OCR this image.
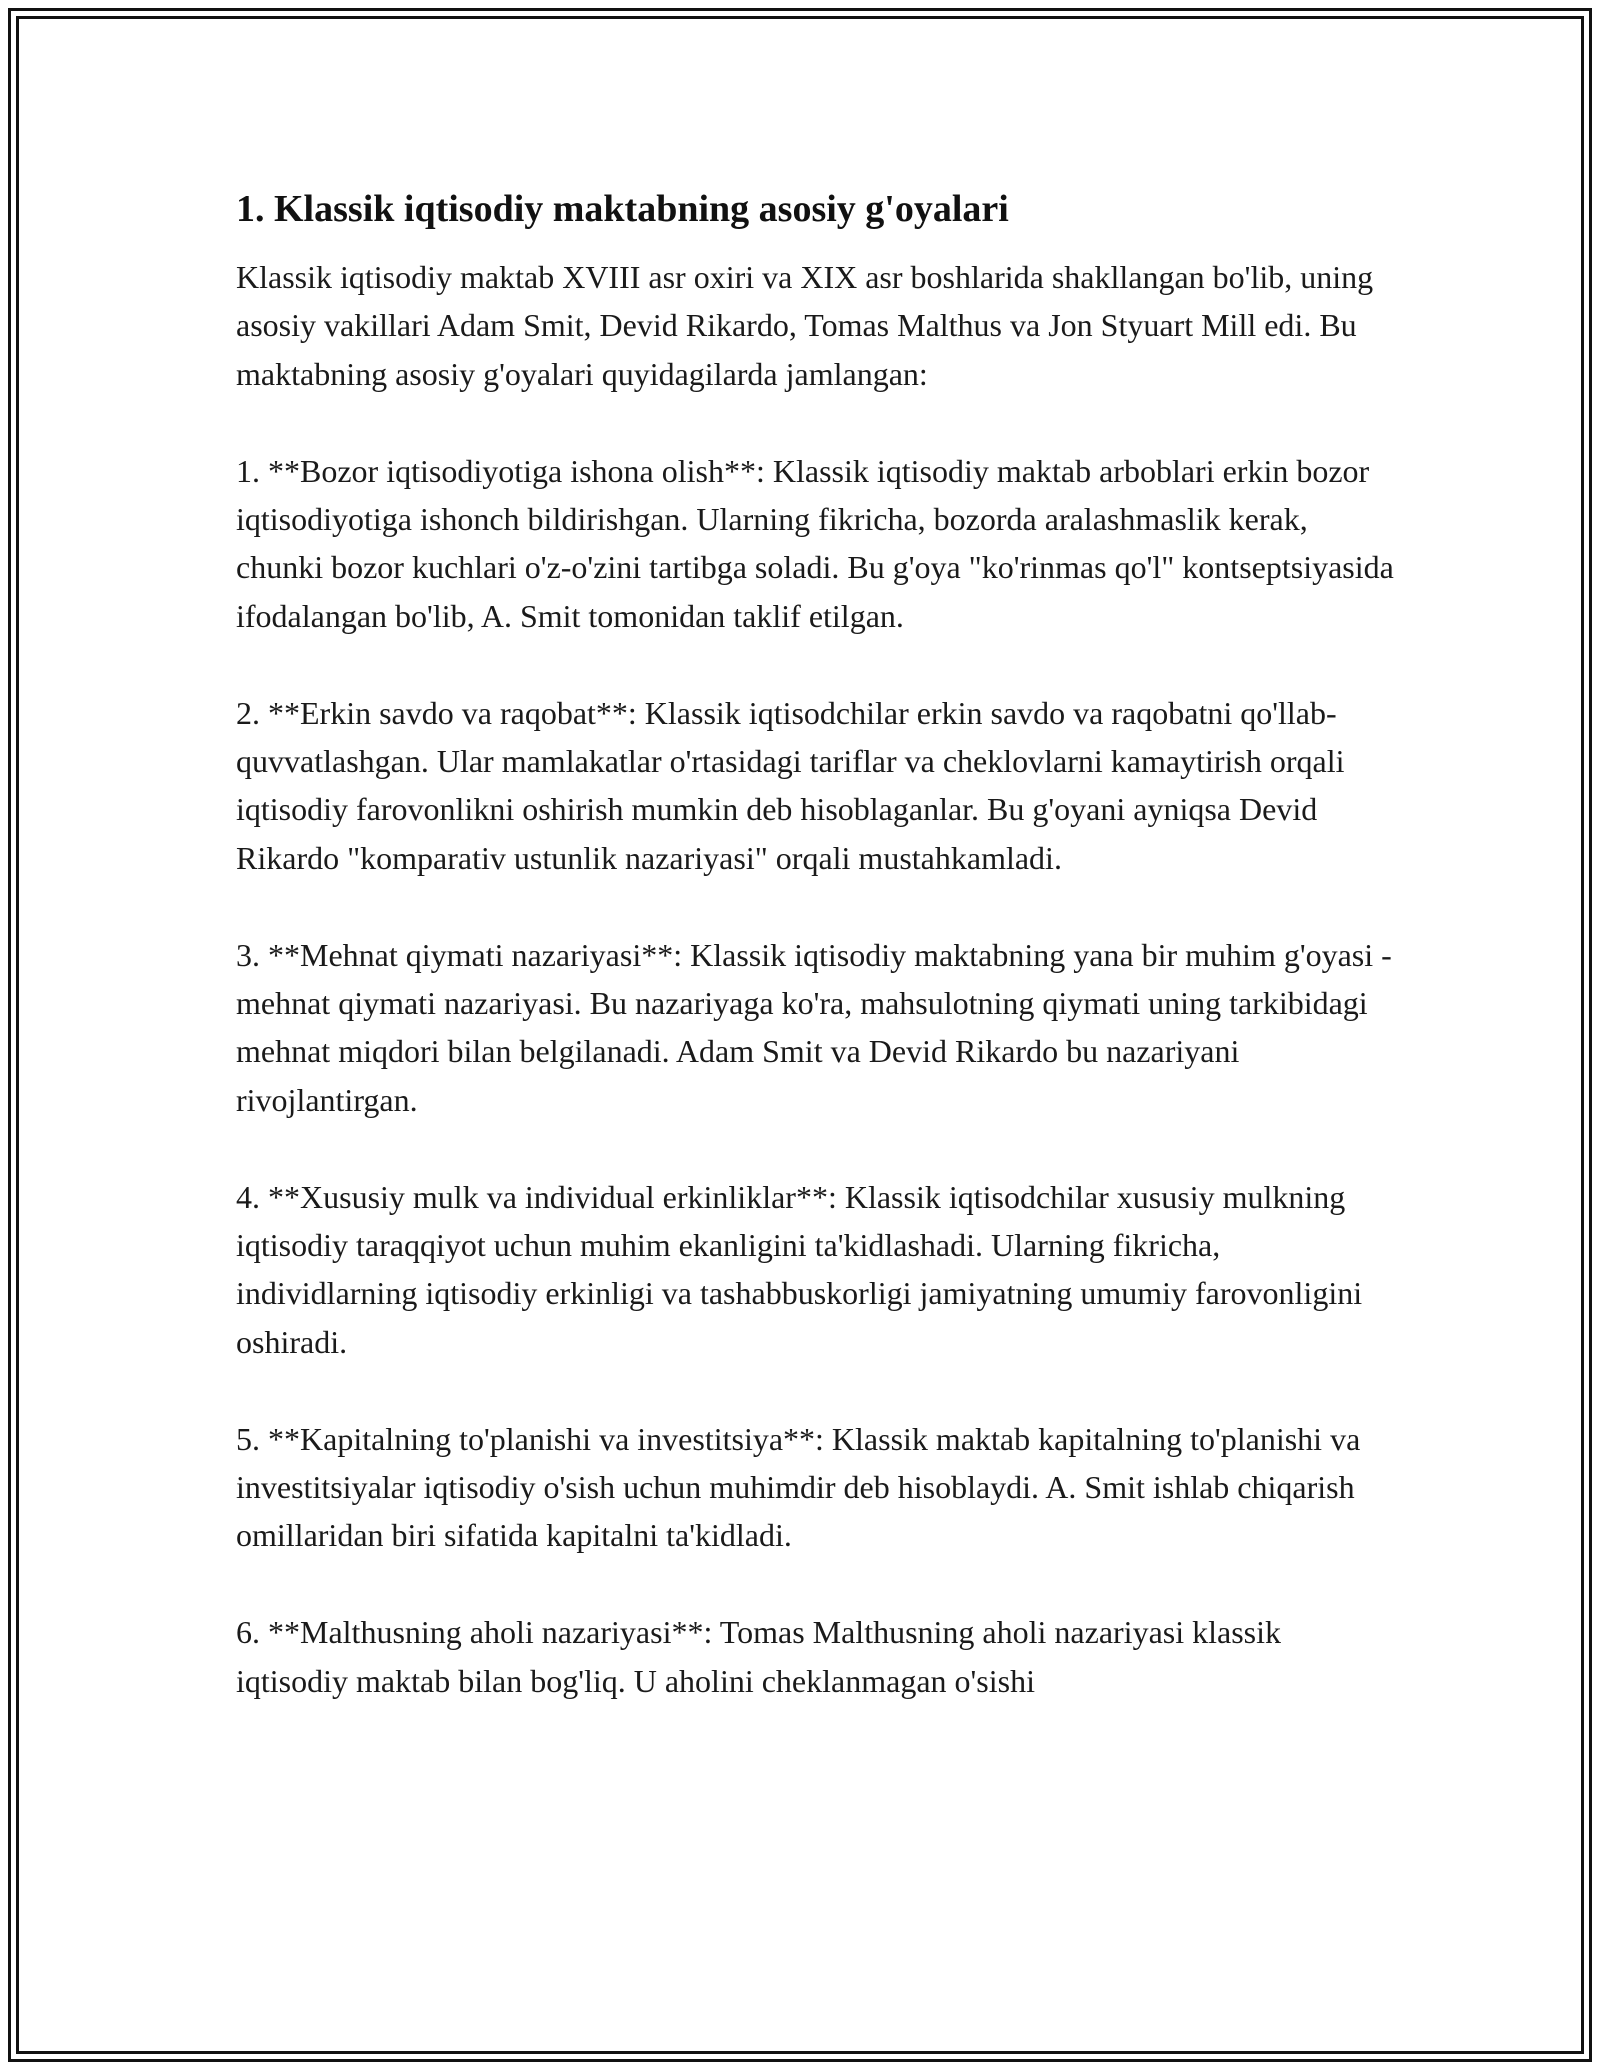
1. Klassik iqtisodiy maktabning asosiy g'oyalari

Klassik iqtisodiy maktab XVIII asr oxiri va XIX asr boshlarida shakllangan bo'lib, uning asosiy vakillari Adam Smit, Devid Rikardo, Tomas Malthus va Jon Styuart Mill edi. Bu maktabning asosiy g'oyalari quyidagilarda jamlangan:

1. **Bozor iqtisodiyotiga ishona olish**: Klassik iqtisodiy maktab arboblari erkin bozor iqtisodiyotiga ishonch bildirishgan. Ularning fikricha, bozorda aralashmaslik kerak, chunki bozor kuchlari o'z-o'zini tartibga soladi. Bu g'oya "ko'rinmas qo'l" kontseptsiyasida ifodalangan bo'lib, A. Smit tomonidan taklif etilgan.

2. **Erkin savdo va raqobat**: Klassik iqtisodchilar erkin savdo va raqobatni qo'llab-quvvatlashgan. Ular mamlakatlar o'rtasidagi tariflar va cheklovlarni kamaytirish orqali iqtisodiy farovonlikni oshirish mumkin deb hisoblaganlar. Bu g'oyani ayniqsa Devid Rikardo "komparativ ustunlik nazariyasi" orqali mustahkamladi.

3. **Mehnat qiymati nazariyasi**: Klassik iqtisodiy maktabning yana bir muhim g'oyasi - mehnat qiymati nazariyasi. Bu nazariyaga ko'ra, mahsulotning qiymati uning tarkibidagi mehnat miqdori bilan belgilanadi. Adam Smit va Devid Rikardo bu nazariyani rivojlantirgan.

4. **Xususiy mulk va individual erkinliklar**: Klassik iqtisodchilar xususiy mulkning iqtisodiy taraqqiyot uchun muhim ekanligini ta'kidlashadi. Ularning fikricha, individlarning iqtisodiy erkinligi va tashabbuskorligi jamiyatning umumiy farovonligini oshiradi.

5. **Kapitalning to'planishi va investitsiya**: Klassik maktab kapitalning to'planishi va investitsiyalar iqtisodiy o'sish uchun muhimdir deb hisoblaydi. A. Smit ishlab chiqarish omillaridan biri sifatida kapitalni ta'kidladi.

6. **Malthusning aholi nazariyasi**: Tomas Malthusning aholi nazariyasi klassik iqtisodiy maktab bilan bog'liq. U aholini cheklanmagan o'sishi
